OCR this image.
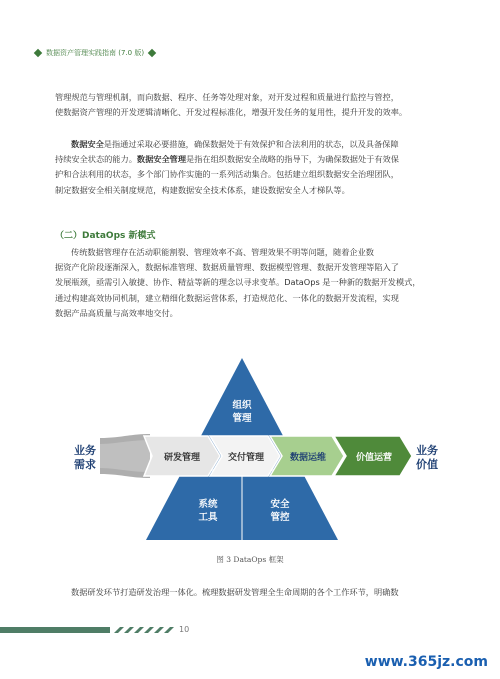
数据资产管理实践指南 (7.0 版)

管理规范与管理机制，而向数据、程序、任务等处理对象，对开发过程和质量进行监控与管控，

使数据资产管理的开发逻辑清晰化、开发过程标准化，增强开发任务的复用性，提升开发的效率。

数据安全是指通过采取必要措施，确保数据处于有效保护和合法利用的状态，以及具备保障

持续安全状态的能力。数据安全管理是指在组织数据安全战略的指导下，为确保数据处于有效保

护和合法利用的状态，多个部门协作实施的一系列活动集合。包括建立组织数据安全治理团队，

制定数据安全相关制度规范，构建数据安全技术体系，建设数据安全人才梯队等。

（二）DataOps 新模式

传统数据管理存在活动职能割裂、管理效率不高、管理效果不明等问题，随着企业数

据资产化阶段逐渐深入，数据标准管理、数据质量管理、数据模型管理、数据开发管理等陷入了

发展瓶颈，亟需引入敏捷、协作、精益等新的理念以寻求变革。DataOps 是一种新的数据开发模式，

通过构建高效协同机制，建立精细化数据运营体系，打造规范化、一体化的数据开发流程，实现

数据产品高质量与高效率地交付。

业务
需求
业务
价值
组织
管理
系统
工具
安全
管控
研发管理	交付管理	数据运维	价值运营
图 3 DataOps 框架

数据研发环节打造研发治理一体化。梳理数据研发管理全生命周期的各个工作环节，明确数

10
www.365jz.com
